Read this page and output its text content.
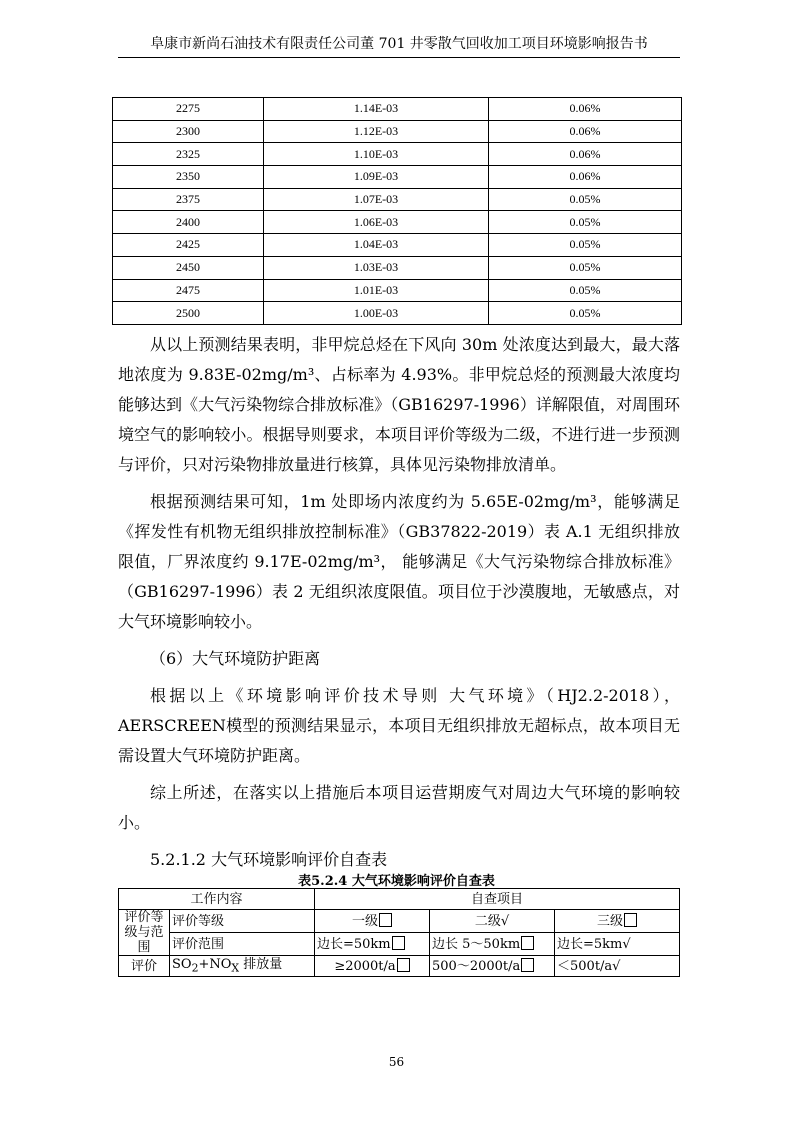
阜康市新尚石油技术有限责任公司董 701 井零散气回收加工项目环境影响报告书
2275	1.14E-03	0.06%
2300	1.12E-03	0.06%
2325	1.10E-03	0.06%
2350	1.09E-03	0.06%
2375	1.07E-03	0.05%
2400	1.06E-03	0.05%
2425	1.04E-03	0.05%
2450	1.03E-03	0.05%
2475	1.01E-03	0.05%
2500	1.00E-03	0.05%

从以上预测结果表明，非甲烷总烃在下风向 30m 处浓度达到最大，最大落地浓度为 9.83E-02mg/m³、占标率为 4.93%。非甲烷总烃的预测最大浓度均能够达到《大气污染物综合排放标准》（GB16297-1996）详解限值，对周围环境空气的影响较小。根据导则要求，本项目评价等级为二级，不进行进一步预测与评价，只对污染物排放量进行核算，具体见污染物排放清单。

根据预测结果可知，1m 处即场内浓度约为 5.65E-02mg/m³，能够满足《挥发性有机物无组织排放控制标准》（GB37822-2019）表 A.1 无组织排放限值，厂界浓度约 9.17E-02mg/m³， 能够满足《大气污染物综合排放标准》（GB16297-1996）表 2 无组织浓度限值。项目位于沙漠腹地，无敏感点，对大气环境影响较小。

（6）大气环境防护距离

根据以上《环境影响评价技术导则 大气环境》（HJ2.2-2018），AERSCREEN模型的预测结果显示，本项目无组织排放无超标点，故本项目无需设置大气环境防护距离。

综上所述，在落实以上措施后本项目运营期废气对周边大气环境的影响较小。

5.2.1.2 大气环境影响评价自查表

表5.2.4 大气环境影响评价自查表
工作内容		自查项目		
评价等级与范围	评价等级	一级	二级√	三级
	评价范围	边长=50km	边长 5～50km	边长=5km√
评价	$SO_2+NO_X$ 排放量	≥2000t/a	500～2000t/a	＜500t/a√
56
